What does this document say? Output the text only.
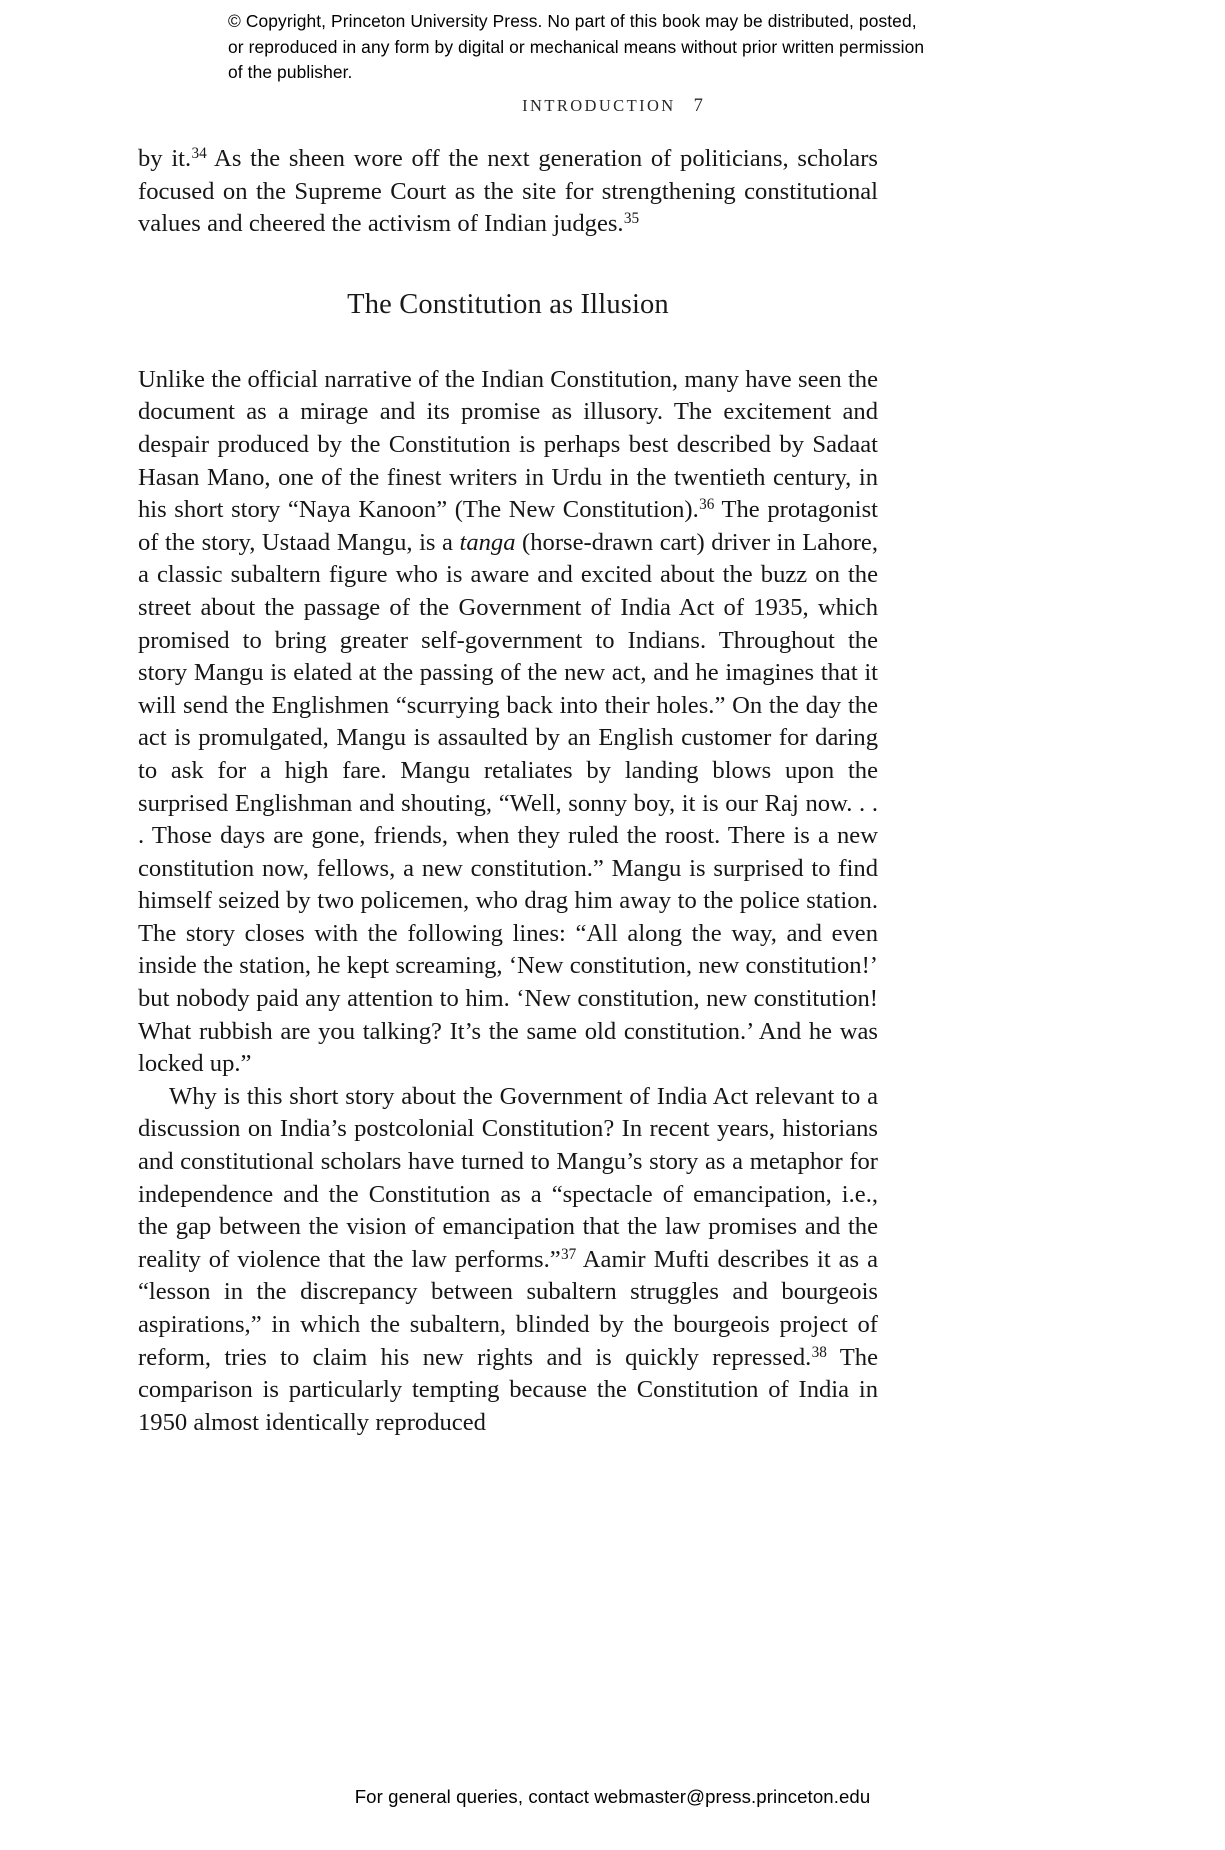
© Copyright, Princeton University Press. No part of this book may be distributed, posted, or reproduced in any form by digital or mechanical means without prior written permission of the publisher.
INTRODUCTION 7

by it.$^{34}$ As the sheen wore off the next generation of politicians, scholars focused on the Supreme Court as the site for strengthening constitutional values and cheered the activism of Indian judges.$^{35}$

The Constitution as Illusion

Unlike the official narrative of the Indian Constitution, many have seen the document as a mirage and its promise as illusory. The excitement and despair produced by the Constitution is perhaps best described by Sadaat Hasan Mano, one of the finest writers in Urdu in the twentieth century, in his short story “Naya Kanoon” (The New Constitution).$^{36}$ The protagonist of the story, Ustaad Mangu, is a tanga (horse-drawn cart) driver in Lahore, a classic subaltern figure who is aware and excited about the buzz on the street about the passage of the Government of India Act of 1935, which promised to bring greater self-government to Indians. Throughout the story Mangu is elated at the passing of the new act, and he imagines that it will send the Englishmen “scurrying back into their holes.” On the day the act is promulgated, Mangu is assaulted by an English customer for daring to ask for a high fare. Mangu retaliates by landing blows upon the surprised Englishman and shouting, “Well, sonny boy, it is our Raj now. . . . Those days are gone, friends, when they ruled the roost. There is a new constitution now, fellows, a new constitution.” Mangu is surprised to find himself seized by two policemen, who drag him away to the police station. The story closes with the following lines: “All along the way, and even inside the station, he kept screaming, ‘New constitution, new constitution!’ but nobody paid any attention to him. ‘New constitution, new constitution! What rubbish are you talking? It’s the same old constitution.’ And he was locked up.”

Why is this short story about the Government of India Act relevant to a discussion on India’s postcolonial Constitution? In recent years, historians and constitutional scholars have turned to Mangu’s story as a metaphor for independence and the Constitution as a “spectacle of emancipation, i.e., the gap between the vision of emancipation that the law promises and the reality of violence that the law performs.”$^{37}$ Aamir Mufti describes it as a “lesson in the discrepancy between subaltern struggles and bourgeois aspirations,” in which the subaltern, blinded by the bourgeois project of reform, tries to claim his new rights and is quickly repressed.$^{38}$ The comparison is particularly tempting because the Constitution of India in 1950 almost identically reproduced

For general queries, contact webmaster@press.princeton.edu
